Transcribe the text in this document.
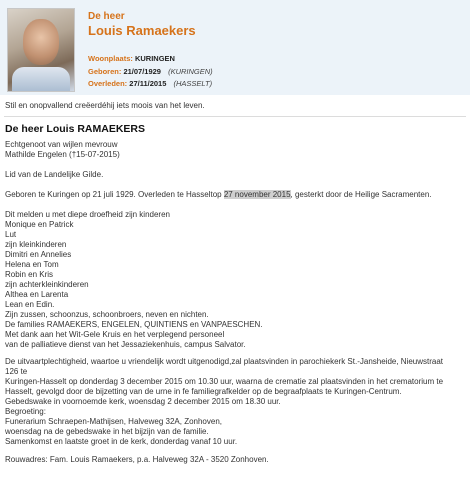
De heer
Louis Ramaekers
Woonplaats: KURINGEN
Geboren: 21/07/1929 (KURINGEN)
Overleden: 27/11/2015 (HASSELT)
Stil en onopvallend creëerdéhij iets moois van het leven.
De heer Louis RAMAEKERS
Echtgenoot van wijlen mevrouw
Mathilde Engelen (†15-07-2015)
Lid van de Landelijke Gilde.
Geboren te Kuringen op 21 juli 1929. Overleden te Hasseltop 27 november 2015, gesterkt door de Heilige Sacramenten.
Dit melden u met diepe droefheid zijn kinderen
Monique en Patrick
Lut
zijn kleinkinderen
Dimitri en Annelies
Helena en Tom
Robin en Kris
zijn achterkleinkinderen
Althea en Larenta
Lean en Edin.
Zijn zussen, schoonzus, schoonbroers, neven en nichten.
De families RAMAEKERS, ENGELEN, QUINTIENS en VANPAESCHEN.
Met dank aan het Wit-Gele Kruis en het verplegend personeel
van de palliatieve dienst van het Jessaziekenhuis, campus Salvator.
De uitvaartplechtigheid, waartoe u vriendelijk wordt uitgenodigd,zal plaatsvinden in parochiekerk St.-Jansheide, Nieuwstraat
126 te
Kuringen-Hasselt op donderdag 3 december 2015 om 10.30 uur, waarna de crematie zal plaatsvinden in het crematorium te
Hasselt, gevolgd door de bijzetting van de urne in fe familiegrafkelder op de begraafplaats te Kuringen-Centrum.
Gebedswake in voornoemde kerk, woensdag 2 december 2015 om 18.30 uur.
Begroeting:
Funerarium Schraepen-Mathijsen, Halveweg 32A, Zonhoven,
woensdag na de gebedswake in het bijzijn van de familie.
Samenkomst en laatste groet in de kerk, donderdag vanaf 10 uur.
Rouwadres: Fam. Louis Ramaekers, p.a. Halveweg 32A - 3520 Zonhoven.
